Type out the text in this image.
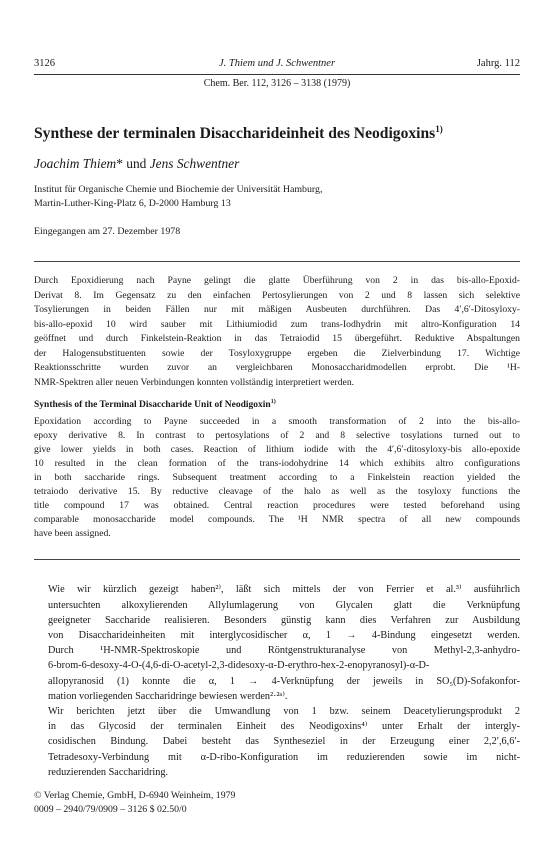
3126	J. Thiem und J. Schwentner	Jahrg. 112
Chem. Ber. 112, 3126 – 3138 (1979)
Synthese der terminalen Disaccharideinheit des Neodigoxins$^{1)}$
Joachim Thiem* und Jens Schwentner
Institut für Organische Chemie und Biochemie der Universität Hamburg,
Martin-Luther-King-Platz 6, D-2000 Hamburg 13
Eingegangen am 27. Dezember 1978
Durch Epoxidierung nach Payne gelingt die glatte Überführung von 2 in das bis-allo-Epoxid-
Derivat 8. Im Gegensatz zu den einfachen Pertosylierungen von 2 und 8 lassen sich selektive
Tosylierungen in beiden Fällen nur mit mäßigen Ausbeuten durchführen. Das 4′,6′-Ditosyloxy-
bis-allo-epoxid 10 wird sauber mit Lithiumiodid zum trans-Iodhydrin mit altro-Konfiguration 14
geöffnet und durch Finkelstein-Reaktion in das Tetraiodid 15 übergeführt. Reduktive Abspaltungen
der Halogensubstituenten sowie der Tosyloxygruppe ergeben die Zielverbindung 17. Wichtige
Reaktionsschritte wurden zuvor an vergleichbaren Monosaccharidmodellen erprobt. Die ¹H-
NMR-Spektren aller neuen Verbindungen konnten vollständig interpretiert werden.
Synthesis of the Terminal Disaccharide Unit of Neodigoxin$^{1)}$
Epoxidation according to Payne succeeded in a smooth transformation of 2 into the bis-allo-
epoxy derivative 8. In contrast to pertosylations of 2 and 8 selective tosylations turned out to
give lower yields in both cases. Reaction of lithium iodide with the 4′,6′-ditosyloxy-bis allo-epoxide
10 resulted in the clean formation of the trans-iodohydrine 14 which exhibits altro configurations
in both saccharide rings. Subsequent treatment according to a Finkelstein reaction yielded the
tetraiodo derivative 15. By reductive cleavage of the halo as well as the tosyloxy functions the
title compound 17 was obtained. Central reaction procedures were tested beforehand using
comparable monosaccharide model compounds. The ¹H NMR spectra of all new compounds
have been assigned.

Wie wir kürzlich gezeigt haben²⁾, läßt sich mittels der von Ferrier et al.³⁾ ausführlich
untersuchten alkoxylierenden Allylumlagerung von Glycalen glatt die Verknüpfung
geeigneter Saccharide realisieren. Besonders günstig kann dies Verfahren zur Ausbildung
von Disaccharideinheiten mit interglycosidischer α, 1 → 4-Bindung eingesetzt werden.
Durch ¹H-NMR-Spektroskopie und Röntgenstrukturanalyse von Methyl-2,3-anhydro-
6-brom-6-desoxy-4-O-(4,6-di-O-acetyl-2,3-didesoxy-α-D-erythro-hex-2-enopyranosyl)-α-D-
allopyranosid (1) konnte die α, 1 → 4-Verknüpfung der jeweils in SO₅(D)-Sofakonfor-
mation vorliegenden Saccharidringe bewiesen werden²·²ᵃ⁾.

Wir berichten jetzt über die Umwandlung von 1 bzw. seinem Deacetylierungsprodukt 2
in das Glycosid der terminalen Einheit des Neodigoxins⁴⁾ unter Erhalt der intergly-
cosidischen Bindung. Dabei besteht das Syntheseziel in der Erzeugung einer 2,2′,6,6′-
Tetradesoxy-Verbindung mit α-D-ribo-Konfiguration im reduzierenden sowie im nicht-
reduzierenden Saccharidring.

© Verlag Chemie, GmbH, D-6940 Weinheim, 1979
0009 – 2940/79/0909 – 3126 $ 02.50/0
